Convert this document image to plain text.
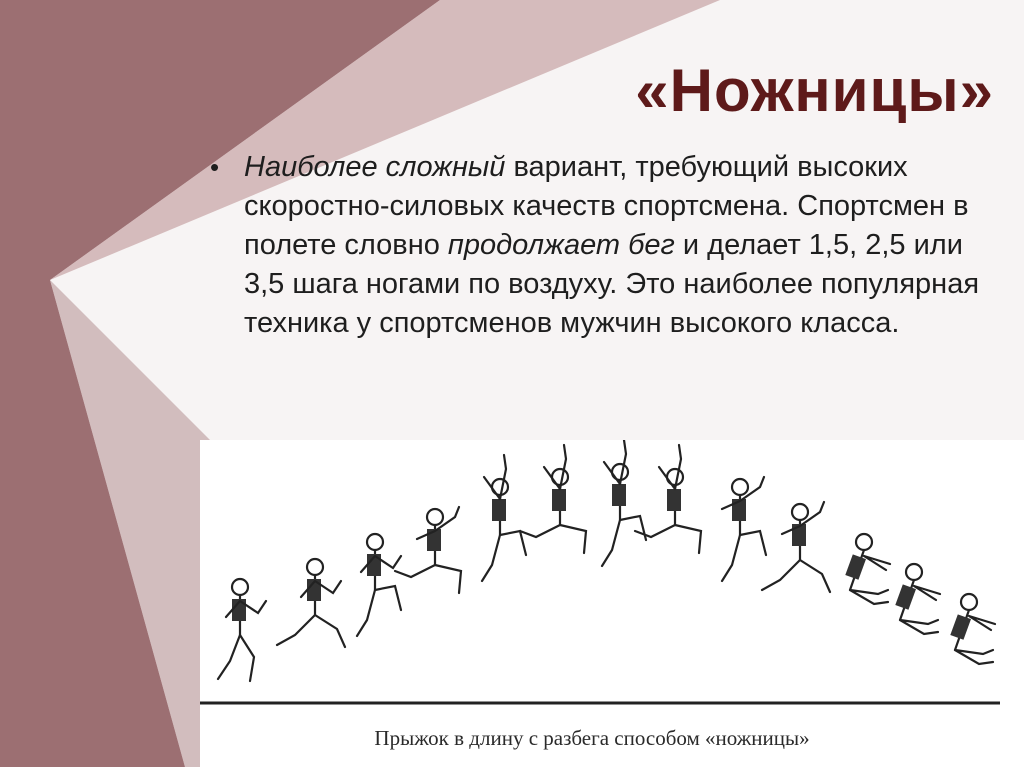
«Ножницы»
• Наиболее сложный вариант, требующий высоких скоростно-силовых качеств спортсмена. Спортсмен в полете словно продолжает бег и делает 1,5, 2,5 или 3,5 шага ногами по воздуху. Это наиболее популярная техника у спортсменов мужчин высокого класса.
Прыжок в длину с разбега способом «ножницы»
